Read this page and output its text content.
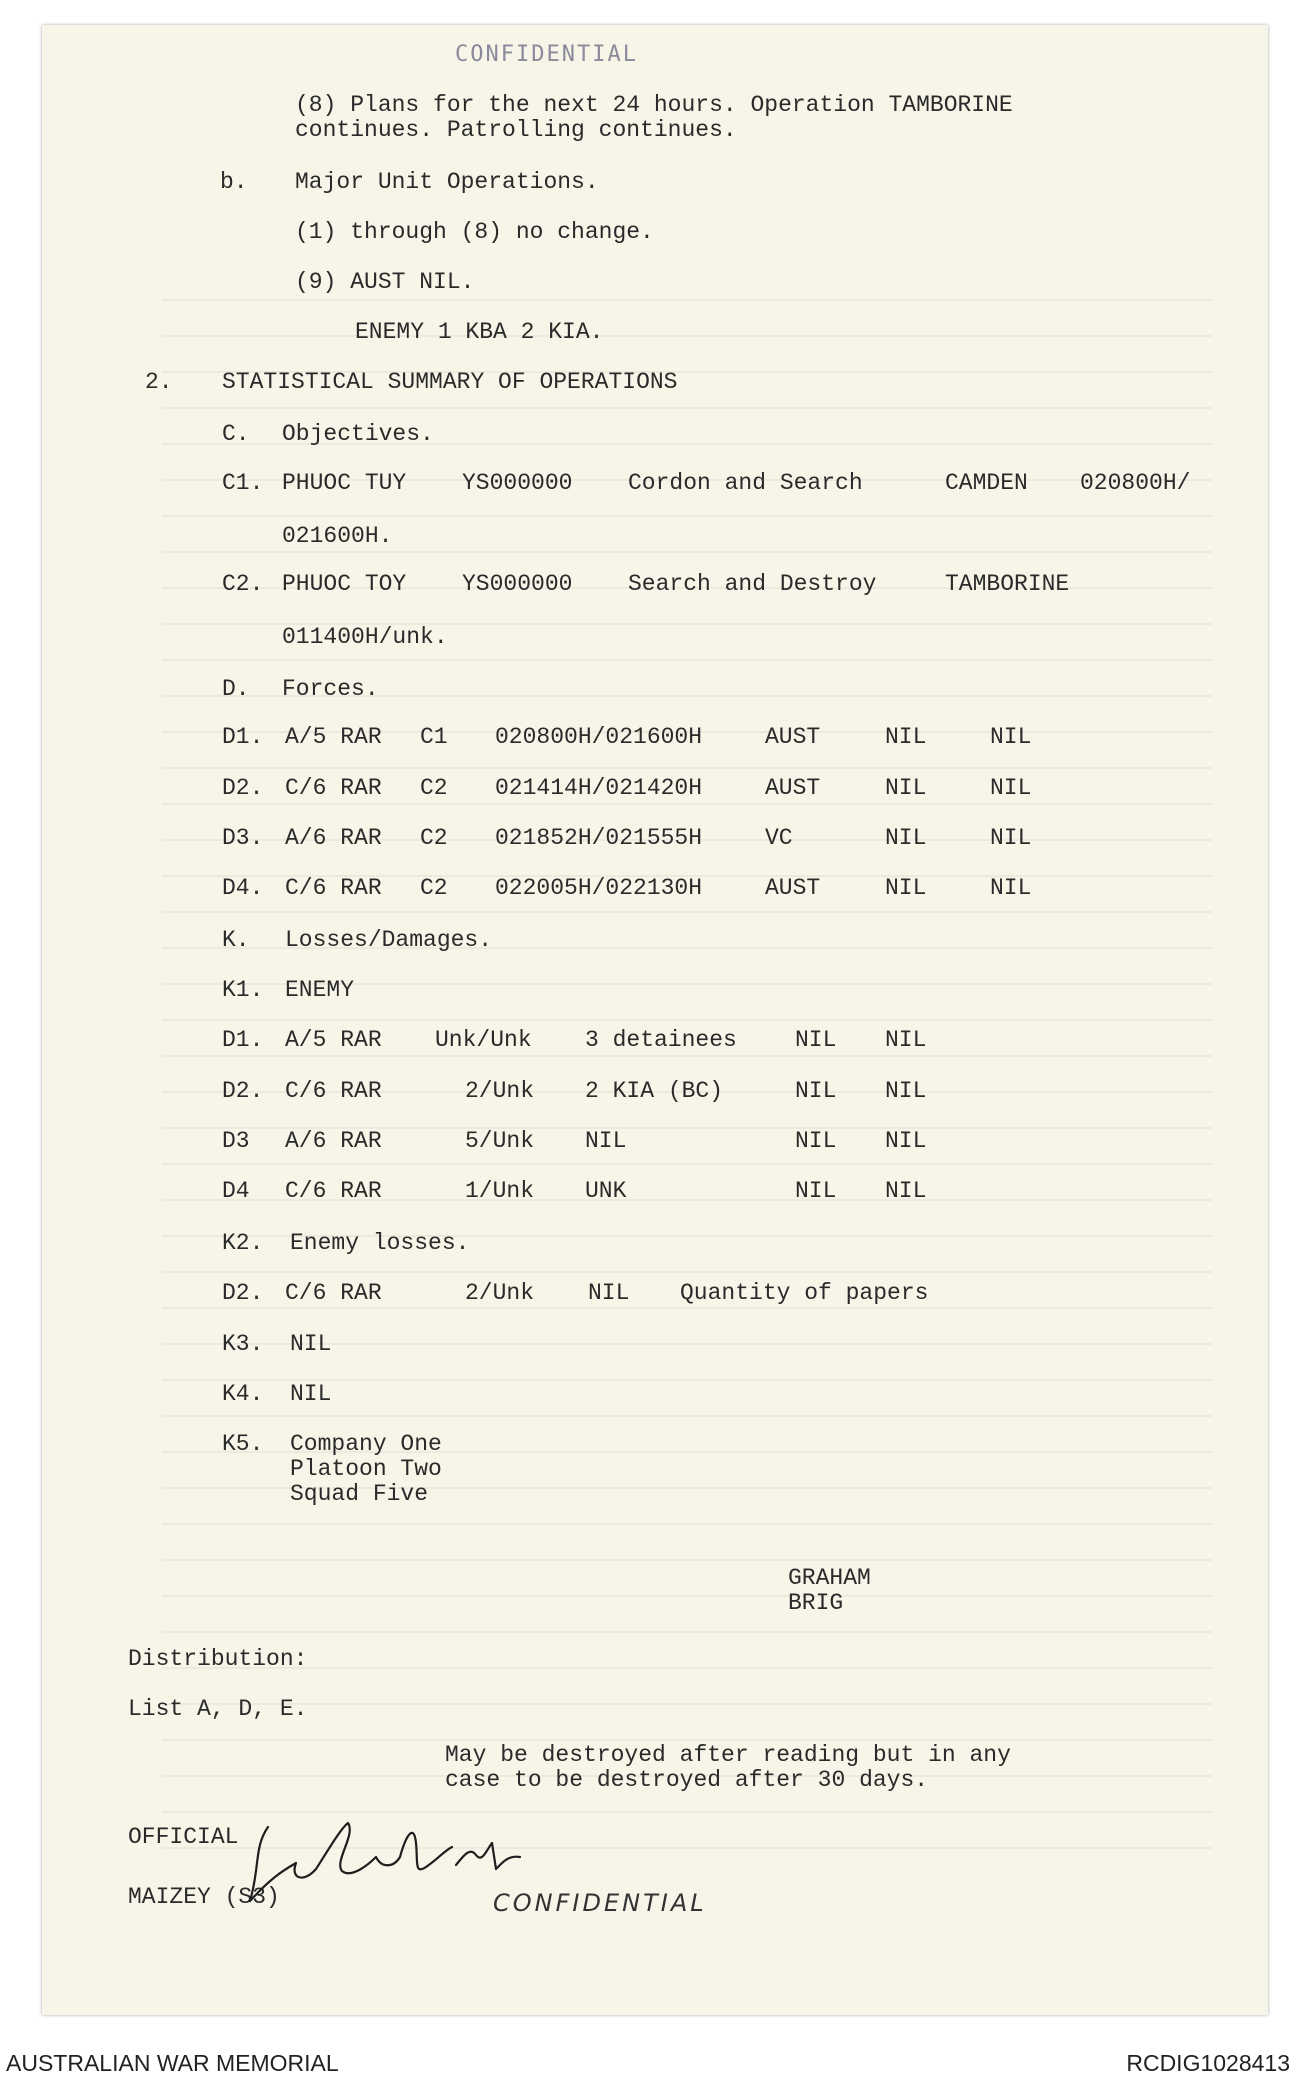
CONFIDENTIAL
(8) Plans for the next 24 hours. Operation TAMBORINE
continues. Patrolling continues.
b. Major Unit Operations.
(1) through (8) no change.
(9) AUST NIL.
ENEMY 1 KBA 2 KIA.
2. STATISTICAL SUMMARY OF OPERATIONS
C. Objectives.
C1. PHUOC TUY YS000000 Cordon and Search	CAMDEN 020800H/
021600H.
C2. PHUOC TOY YS000000 Search and Destroy	TAMBORINE
011400H/unk.
D. Forces.
D1. A/5 RAR C1 020800H/021600H	AUST	NIL	NIL
D2. C/6 RAR C2 021414H/021420H	AUST	NIL	NIL
D3. A/6 RAR C2 021852H/021555H	VC	NIL	NIL
D4. C/6 RAR C2 022005H/022130H	AUST	NIL	NIL
K. Losses/Damages.
K1. ENEMY
D1. A/5 RAR Unk/Unk 3 detainees	NIL NIL
D2. C/6 RAR	2/Unk 2 KIA (BC)	NIL NIL
D3 A/6 RAR	5/Unk NIL	NIL NIL
D4 C/6 RAR	1/Unk UNK	NIL NIL
K2. Enemy losses.
D2. C/6 RAR	2/Unk NIL Quantity of papers
K3. NIL
K4. NIL
K5. Company One
Platoon Two
Squad Five
GRAHAM
BRIG
Distribution:
List A, D, E.
May be destroyed after reading but in any
case to be destroyed after 30 days.
OFFICIAL
MAIZEY (S3)	CONFIDENTIAL
AUSTRALIAN WAR MEMORIAL	RCDIG1028413
